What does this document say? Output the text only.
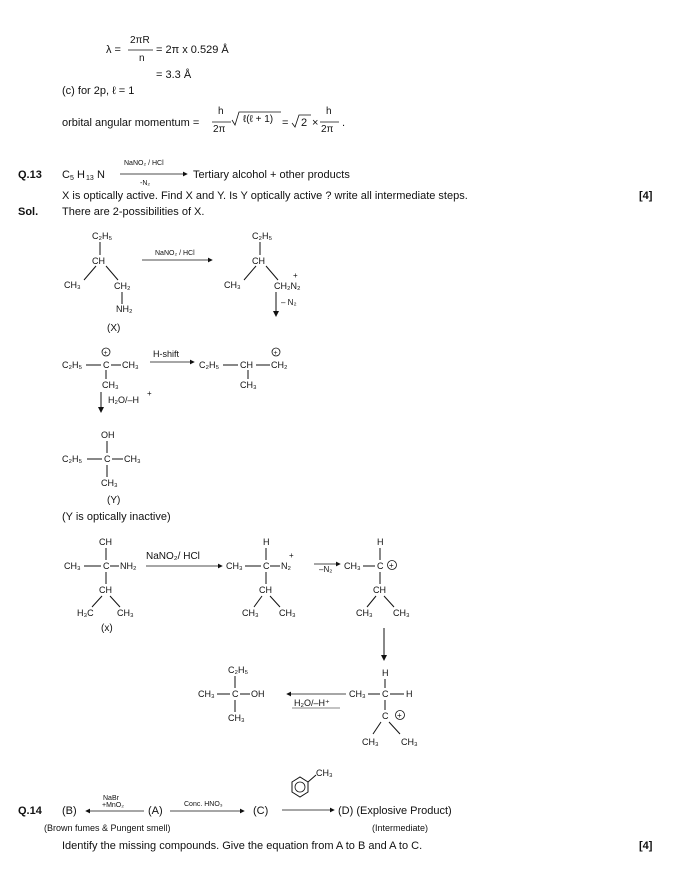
λ =
2πR
n
= 2π x 0.529 Å
= 3.3 Å
(c) for 2p, ℓ = 1
orbital angular momentum =
h
2π
ℓ(ℓ + 1) = 2 ×
h
2π
.
Q.13 C 5 H 13 N
NaNO₂ / HCl
-N₂
Tertiary alcohol + other products
X is optically active. Find X and Y. Is Y optically active ? write all intermediate steps.	[4]
Sol. There are 2-possibilities of X.
(X)
NaNO₂ / HCl
– N₂
H-shift
H₂O/–H
(Y)
(Y is optically inactive)
NaNO₂/ HCl
–N₂
(x)
H₂O/–H⁺
C₂H₅
CH
CH₃	CH₂
NH₂
C₂H₅
CH
CH₃	CH₂N₂
+
C₂H₅ C CH₃
CH₃
C₂H₅ CH CH₂
CH₃
+
+	+
OH
C₂H₅ C CH₃
CH₃
CH
CH₃ C NH₂
CH
H₃C	CH₃
H
CH₃ C N₂
+
CH
CH₃ CH₃
H
CH₃ C
CH
CH₃ CH₃
+
H
CH₃ C H
C
CH₃ CH₃
+
C₂H₅
CH₃ C OH
CH₃
CH₃
Q.14 (B)
NaBr
+MnO₂ (A)
Conc. HNO₃
(C)	(D) (Explosive Product)
(Brown fumes & Pungent smell)	(Intermediate)
Identify the missing compounds. Give the equation from A to B and A to C.	[4]
